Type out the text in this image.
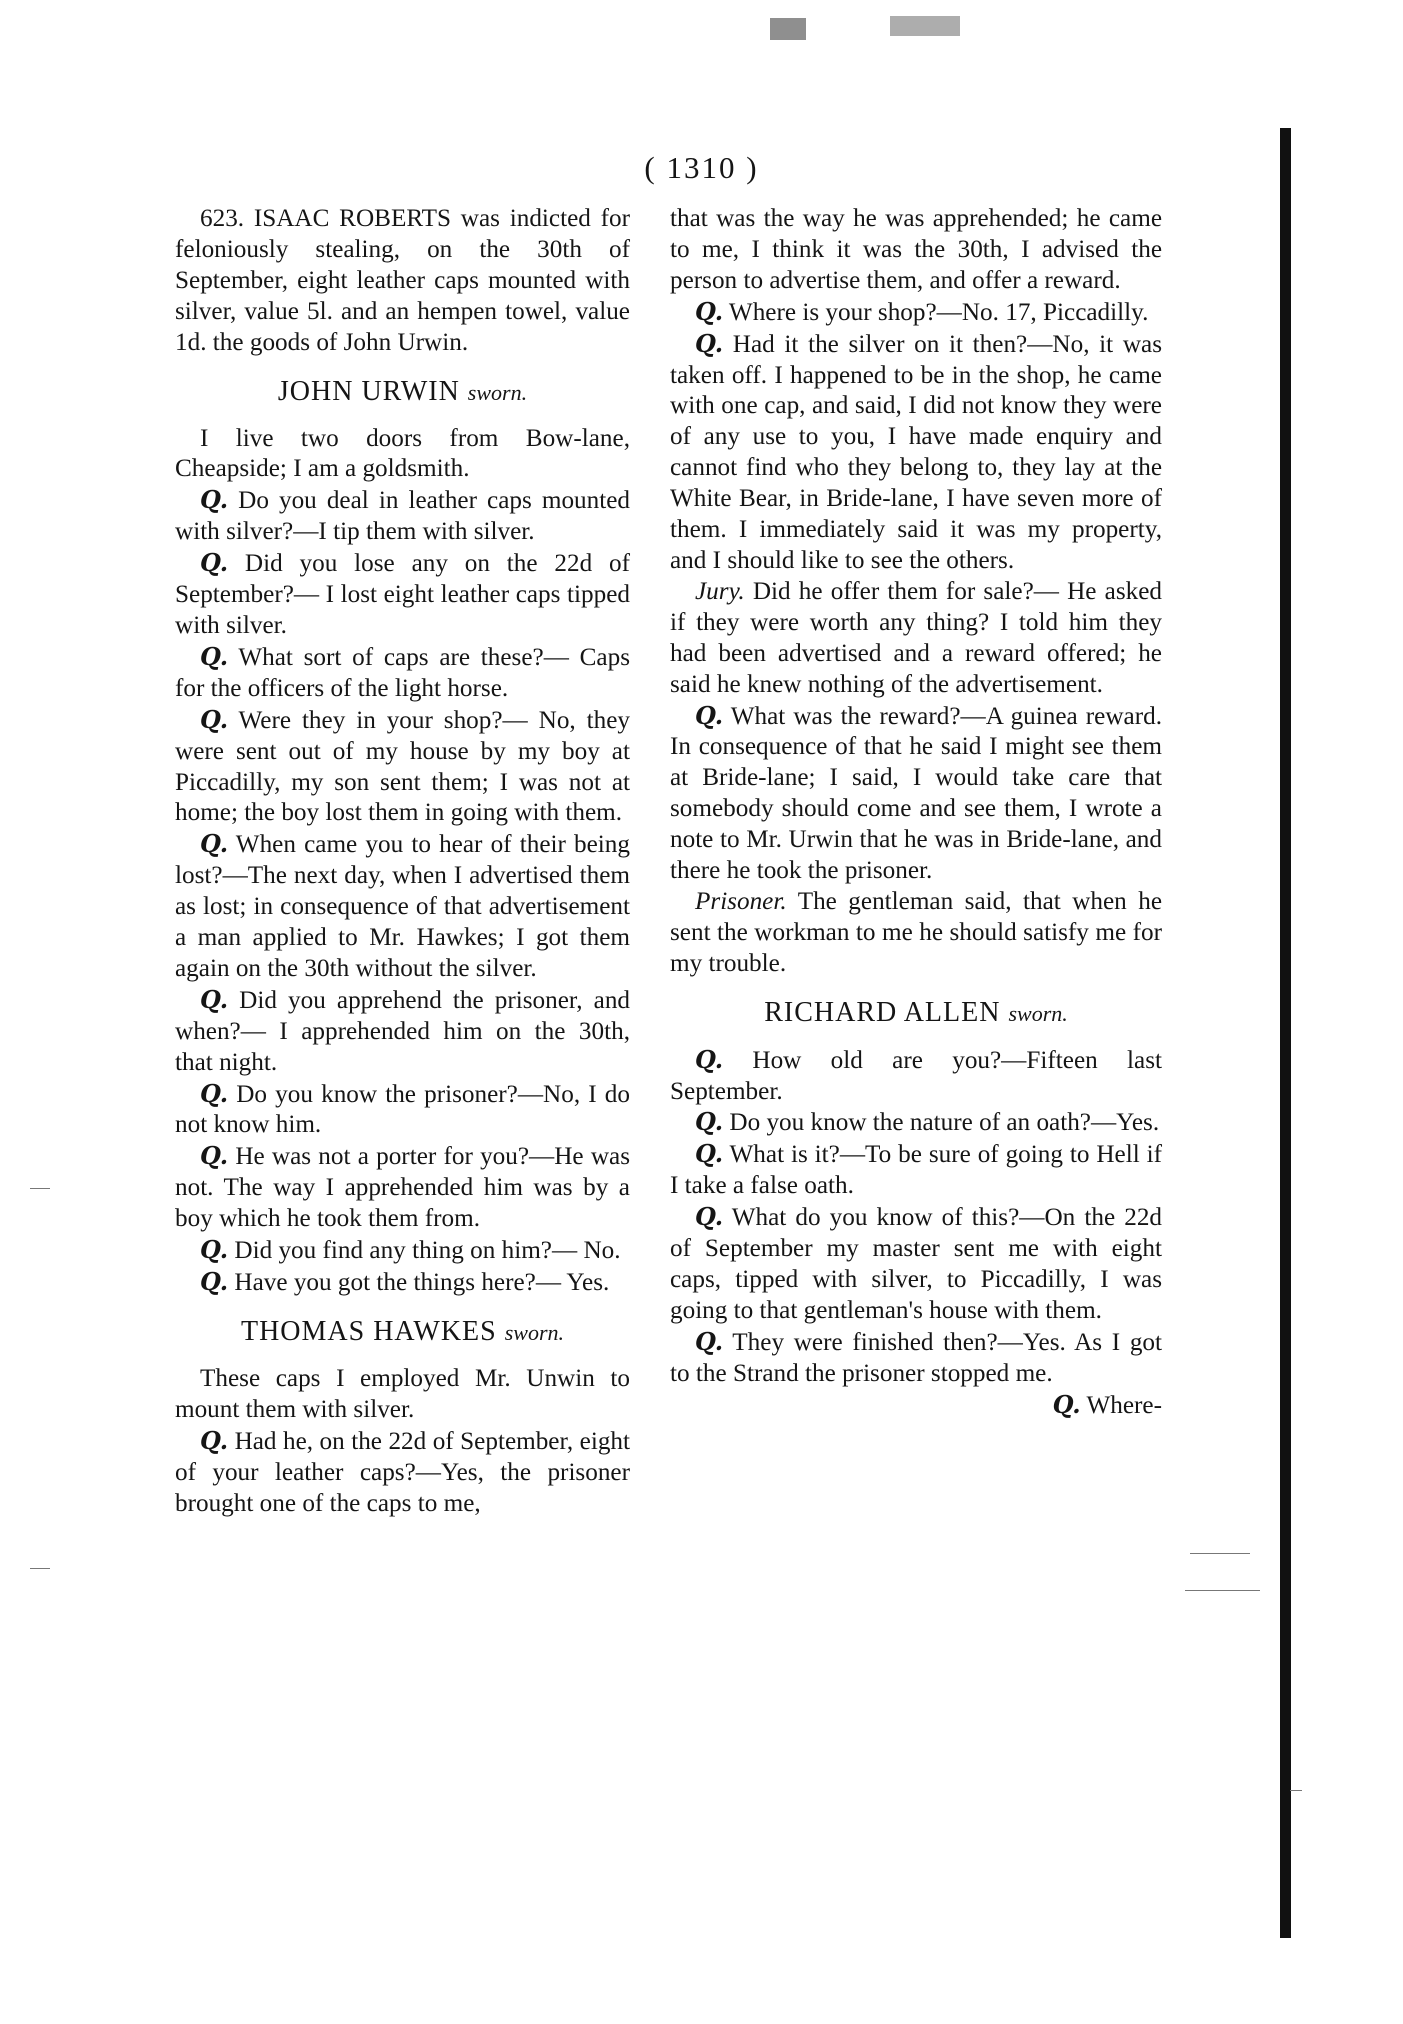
( 1310 )

623. ISAAC ROBERTS was indicted for feloniously stealing, on the 30th of September, eight leather caps mounted with silver, value 5l. and an hempen towel, value 1d. the goods of John Urwin.

JOHN URWIN sworn.

I live two doors from Bow-lane, Cheapside; I am a goldsmith.

Q. Do you deal in leather caps mounted with silver?—I tip them with silver.

Q. Did you lose any on the 22d of September?— I lost eight leather caps tipped with silver.

Q. What sort of caps are these?— Caps for the officers of the light horse.

Q. Were they in your shop?— No, they were sent out of my house by my boy at Piccadilly, my son sent them; I was not at home; the boy lost them in going with them.

Q. When came you to hear of their being lost?—The next day, when I advertised them as lost; in consequence of that advertisement a man applied to Mr. Hawkes; I got them again on the 30th without the silver.

Q. Did you apprehend the prisoner, and when?— I apprehended him on the 30th, that night.

Q. Do you know the prisoner?—No, I do not know him.

Q. He was not a porter for you?—He was not. The way I apprehended him was by a boy which he took them from.

Q. Did you find any thing on him?— No.

Q. Have you got the things here?— Yes.

THOMAS HAWKES sworn.

These caps I employed Mr. Unwin to mount them with silver.

Q. Had he, on the 22d of September, eight of your leather caps?—Yes, the prisoner brought one of the caps to me,

that was the way he was apprehended; he came to me, I think it was the 30th, I advised the person to advertise them, and offer a reward.

Q. Where is your shop?—No. 17, Piccadilly.

Q. Had it the silver on it then?—No, it was taken off. I happened to be in the shop, he came with one cap, and said, I did not know they were of any use to you, I have made enquiry and cannot find who they belong to, they lay at the White Bear, in Bride-lane, I have seven more of them. I immediately said it was my property, and I should like to see the others.

Jury. Did he offer them for sale?— He asked if they were worth any thing? I told him they had been advertised and a reward offered; he said he knew nothing of the advertisement.

Q. What was the reward?—A guinea reward. In consequence of that he said I might see them at Bride-lane; I said, I would take care that somebody should come and see them, I wrote a note to Mr. Urwin that he was in Bride-lane, and there he took the prisoner.

Prisoner. The gentleman said, that when he sent the workman to me he should satisfy me for my trouble.

RICHARD ALLEN sworn.

Q. How old are you?—Fifteen last September.

Q. Do you know the nature of an oath?—Yes.

Q. What is it?—To be sure of going to Hell if I take a false oath.

Q. What do you know of this?—On the 22d of September my master sent me with eight caps, tipped with silver, to Piccadilly, I was going to that gentleman's house with them.

Q. They were finished then?—Yes. As I got to the Strand the prisoner stopped me.

Q. Where-
